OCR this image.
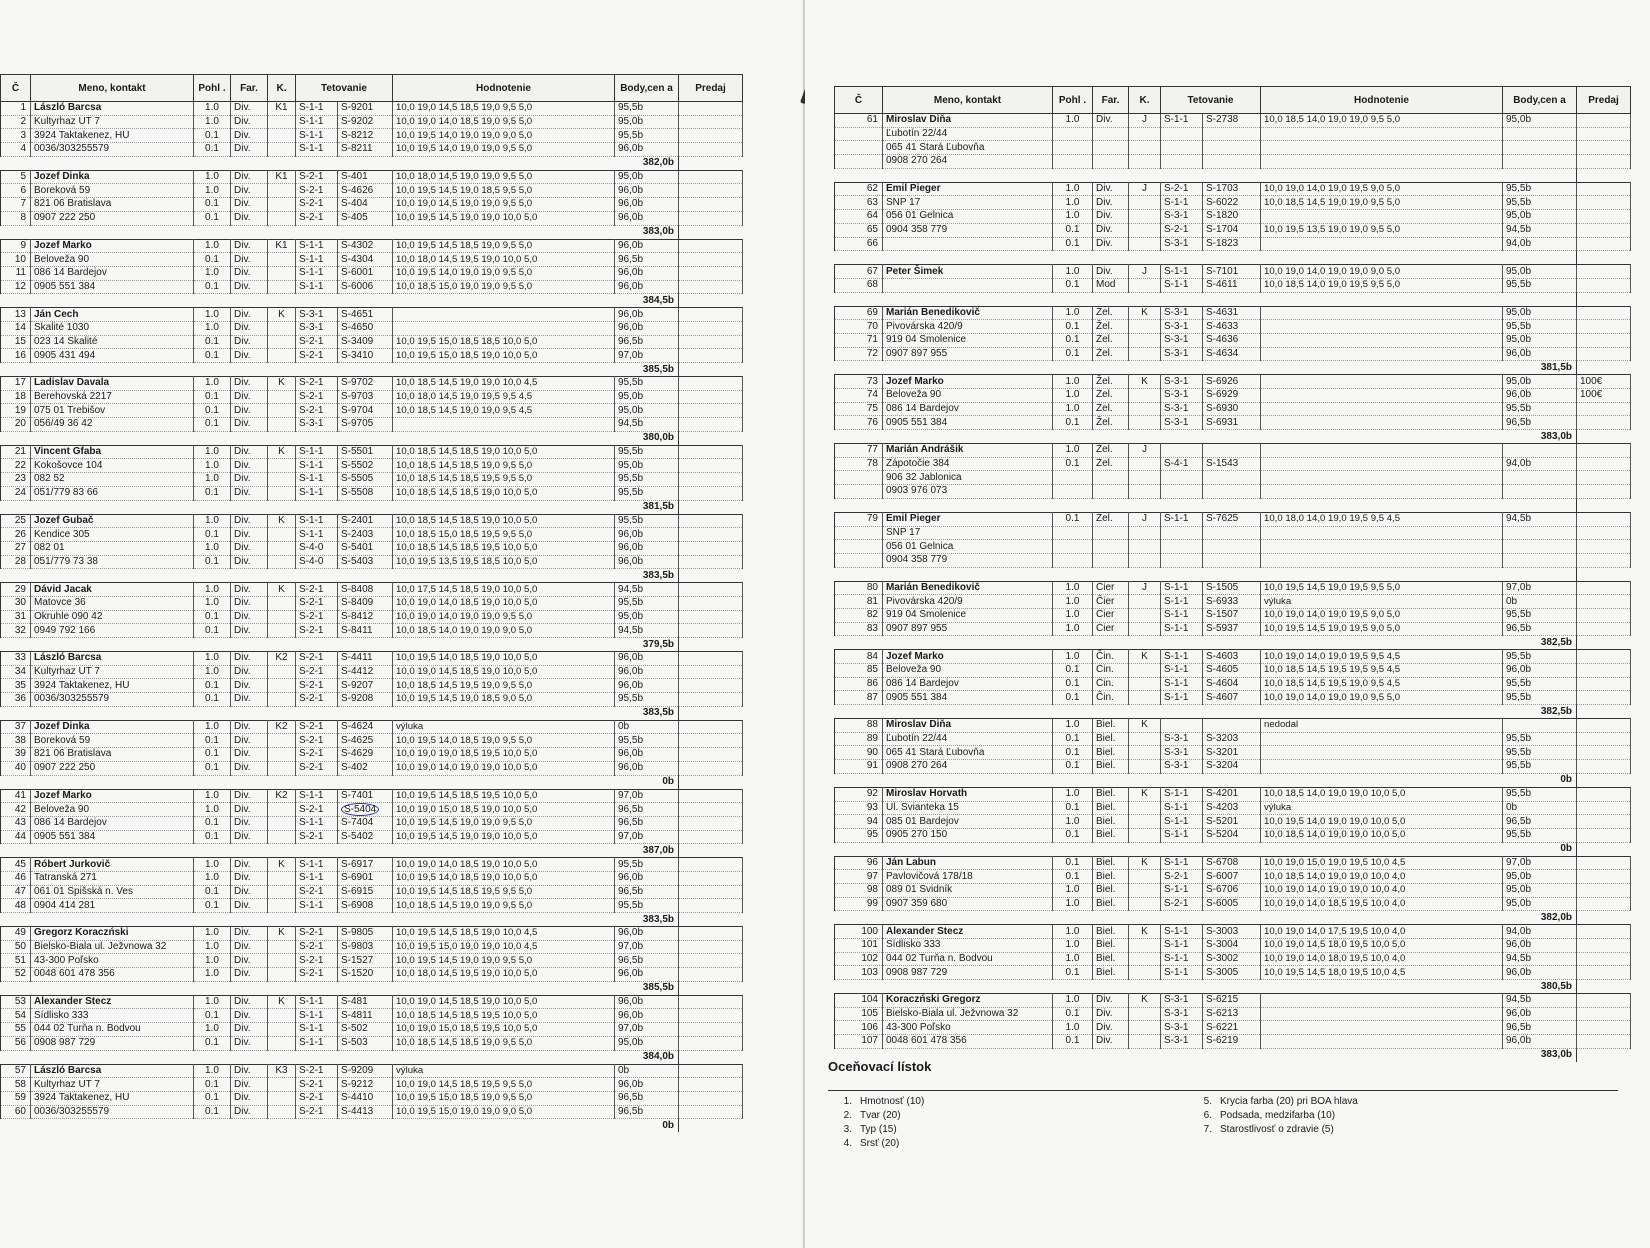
Č	Meno, kontakt	Pohl .	Far.	K.	Tetovanie		Hodnotenie	Body,cen a	Predaj
1	László Barcsa	1.0	Div.	K1	S-1-1	S-9201	10,0 19,0 14,5 18,5 19,0 9,5 5,0	95,5b	
2	Kultyrhaz UT 7	1.0	Div.		S-1-1	S-9202	10,0 19,0 14,0 18,5 19,0 9,5 5,0	95,0b	
3	3924 Taktakenez, HU	0.1	Div.		S-1-1	S-8212	10,0 19,5 14,0 19,0 19,0 9,0 5,0	95,5b	
4	0036/303255579	0.1	Div.		S-1-1	S-8211	10,0 19,5 14,0 19,0 19,0 9,5 5,0	96,0b	
								382,0b	
5	Jozef Dinka	1.0	Div.	K1	S-2-1	S-401	10,0 18,0 14,5 19,0 19,0 9,5 5,0	95,0b	
6	Boreková 59	1.0	Div.		S-2-1	S-4626	10,0 19,5 14,5 19,0 18,5 9,5 5,0	96,0b	
7	821 06 Bratislava	0.1	Div.		S-2-1	S-404	10,0 19,0 14,5 19,0 19,0 9,5 5,0	96,0b	
8	0907 222 250	0.1	Div.		S-2-1	S-405	10,0 19,5 14,5 19,0 19,0 10,0 5,0	96,0b	
								383,0b	
9	Jozef Marko	1.0	Div.	K1	S-1-1	S-4302	10,0 19,5 14,5 18,5 19,0 9,5 5,0	96,0b	
10	Beloveža 90	0.1	Div.		S-1-1	S-4304	10,0 18,0 14,5 19,5 19,0 10,0 5,0	96,5b	
11	086 14 Bardejov	1.0	Div.		S-1-1	S-6001	10,0 19,5 14,0 19,0 19,0 9,5 5,0	96,0b	
12	0905 551 384	0.1	Div.		S-1-1	S-6006	10,0 18,5 15,0 19,0 19,0 9,5 5,0	96,0b	
								384,5b	
13	Ján Cech	1.0	Div.	K	S-3-1	S-4651		96,0b	
14	Skalité 1030	1.0	Div.		S-3-1	S-4650		96,0b	
15	023 14 Skalité	0.1	Div.		S-2-1	S-3409	10,0 19,5 15,0 18,5 18,5 10,0 5,0	96,5b	
16	0905 431 494	0.1	Div.		S-2-1	S-3410	10,0 19,5 15,0 18,5 19,0 10,0 5,0	97,0b	
								385,5b	
17	Ladislav Davala	1.0	Div.	K	S-2-1	S-9702	10,0 18,5 14,5 19,0 19,0 10,0 4,5	95,5b	
18	Berehovská 2217	0.1	Div.		S-2-1	S-9703	10,0 18,0 14,5 19,0 19,5 9,5 4,5	95,0b	
19	075 01 Trebišov	0.1	Div.		S-2-1	S-9704	10,0 18,5 14,5 19,0 19,0 9,5 4,5	95,0b	
20	056/49 36 42	0.1	Div.		S-3-1	S-9705		94,5b	
								380,0b	
21	Vincent Gfaba	1.0	Div.	K	S-1-1	S-5501	10,0 18,5 14,5 18,5 19,0 10,0 5,0	95,5b	
22	Kokošovce 104	1.0	Div.		S-1-1	S-5502	10,0 18,5 14,5 18,5 19,0 9,5 5,0	95,0b	
23	082 52	1.0	Div.		S-1-1	S-5505	10,0 18,5 14,5 18,5 19,5 9,5 5,0	95,5b	
24	051/779 83 66	0.1	Div.		S-1-1	S-5508	10,0 18,5 14,5 18,5 19,0 10,0 5,0	95,5b	
								381,5b	
25	Jozef Gubač	1.0	Div.	K	S-1-1	S-2401	10,0 18,5 14,5 18,5 19,0 10,0 5,0	95,5b	
26	Kendice 305	0.1	Div.		S-1-1	S-2403	10,0 18,5 15,0 18,5 19,5 9,5 5,0	96,0b	
27	082 01	1.0	Div.		S-4-0	S-5401	10,0 18,5 14,5 18,5 19,5 10,0 5,0	96,0b	
28	051/779 73 38	0.1	Div.		S-4-0	S-5403	10,0 19,5 13,5 19,5 18,5 10,0 5,0	96,0b	
								383,5b	
29	Dávid Jacak	1.0	Div.	K	S-2-1	S-8408	10,0 17,5 14,5 18,5 19,0 10,0 5,0	94,5b	
30	Matovce 36	1.0	Div.		S-2-1	S-8409	10,0 19,0 14,0 18,5 19,0 10,0 5,0	95,5b	
31	Okruhle 090 42	0.1	Div.		S-2-1	S-8412	10,0 19,0 14,0 19,0 19,0 9,5 5,0	95,0b	
32	0949 792 166	0.1	Div.		S-2-1	S-8411	10,0 18,5 14,0 19,0 19,0 9,0 5,0	94,5b	
								379,5b	
33	László Barcsa	1.0	Div.	K2	S-2-1	S-4411	10,0 19,5 14,0 18,5 19,0 10,0 5,0	96,0b	
34	Kultyrhaz UT 7	1.0	Div.		S-2-1	S-4412	10,0 19,0 14,5 18,5 19,0 10,0 5,0	96,0b	
35	3924 Taktakenez, HU	0.1	Div.		S-2-1	S-9207	10,0 18,5 14,5 19,5 19,0 9,5 5,0	96,0b	
36	0036/303255579	0.1	Div.		S-2-1	S-9208	10,0 19,5 14,5 19,0 18,5 9,0 5,0	95,5b	
								383,5b	
37	Jozef Dinka	1.0	Div.	K2	S-2-1	S-4624	výluka	0b	
38	Boreková 59	0.1	Div.		S-2-1	S-4625	10,0 19,5 14,0 18,5 19,0 9,5 5,0	95,5b	
39	821 06 Bratislava	0.1	Div.		S-2-1	S-4629	10,0 19,0 19,0 18,5 19,5 10,0 5,0	96,0b	
40	0907 222 250	0.1	Div.		S-2-1	S-402	10,0 19,0 14,0 19,0 19,0 10,0 5,0	96,0b	
								0b	
41	Jozef Marko	1.0	Div.	K2	S-1-1	S-7401	10,0 19,5 14,5 18,5 19,5 10,0 5,0	97,0b	
42	Beloveža 90	1.0	Div.		S-2-1	S-5404	10,0 19,0 15,0 18,5 19,0 10,0 5,0	96,5b	
43	086 14 Bardejov	0.1	Div.		S-1-1	S-7404	10,0 19,5 14,5 19,0 19,0 9,5 5,0	96,5b	
44	0905 551 384	0.1	Div.		S-2-1	S-5402	10,0 19,5 14,5 19,0 19,0 10,0 5,0	97,0b	
								387,0b	
45	Róbert Jurkovič	1.0	Div.	K	S-1-1	S-6917	10,0 19,0 14,0 18,5 19,0 10,0 5,0	95,5b	
46	Tatranská 271	1.0	Div.		S-1-1	S-6901	10,0 19,5 14,0 18,5 19,0 10,0 5,0	96,0b	
47	061 01 Spišská n. Ves	0.1	Div.		S-2-1	S-6915	10,0 19,5 14,5 18,5 19,5 9,5 5,0	96,5b	
48	0904 414 281	0.1	Div.		S-1-1	S-6908	10,0 18,5 14,5 19,0 19,0 9,5 5,0	95,5b	
								383,5b	
49	Gregorz Koraczński	1.0	Div.	K	S-2-1	S-9805	10,0 19,5 14,5 18,5 19,0 10,0 4,5	96,0b	
50	Bielsko-Biala ul. Ježvnowa 32	1.0	Div.		S-2-1	S-9803	10,0 19,5 15,0 19,0 19,0 10,0 4,5	97,0b	
51	43-300 Poľsko	1.0	Div.		S-2-1	S-1527	10,0 19,5 14,5 19,0 19,0 9,5 5,0	96,5b	
52	0048 601 478 356	1.0	Div.		S-2-1	S-1520	10,0 18,0 14,5 19,5 19,0 10,0 5,0	96,0b	
								385,5b	
53	Alexander Stecz	1.0	Div.	K	S-1-1	S-481	10,0 19,0 14,5 18,5 19,0 10,0 5,0	96,0b	
54	Sídlisko 333	0.1	Div.		S-1-1	S-4811	10,0 18,5 14,5 18,5 19,5 10,0 5,0	96,0b	
55	044 02 Turňa n. Bodvou	1.0	Div.		S-1-1	S-502	10,0 19,0 15,0 18,5 19,5 10,0 5,0	97,0b	
56	0908 987 729	0.1	Div.		S-1-1	S-503	10,0 18,5 14,5 18,5 19,0 9,5 5,0	95,0b	
								384,0b	
57	László Barcsa	1.0	Div.	K3	S-2-1	S-9209	výluka	0b	
58	Kultyrhaz UT 7	0.1	Div.		S-2-1	S-9212	10,0 19,0 14,5 18,5 19,5 9,5 5,0	96,0b	
59	3924 Taktakenez, HU	0.1	Div.		S-2-1	S-4410	10,0 19,5 15,0 18,5 19,0 9,5 5,0	96,5b	
60	0036/303255579	0.1	Div.		S-2-1	S-4413	10,0 19,5 15,0 19,0 19,0 9,0 5,0	96,5b	
								0b	
Č	Meno, kontakt	Pohl .	Far.	K.	Tetovanie		Hodnotenie	Body,cen a	Predaj
61	Miroslav Diňa	1.0	Div.	J	S-1-1	S-2738	10,0 18,5 14,0 19,0 19,0 9,5 5,0	95,0b	
	Ľubotín 22/44								
	065 41 Stará Ľubovňa								
	0908 270 264								

62	Emil Pieger	1.0	Div.	J	S-2-1	S-1703	10,0 19,0 14,0 19,0 19,5 9,0 5,0	95,5b	
63	SNP 17	1.0	Div.		S-1-1	S-6022	10,0 18,5 14,5 19,0 19,0 9,5 5,0	95,5b	
64	056 01 Gelnica	1.0	Div.		S-3-1	S-1820		95,0b	
65	0904 358 779	0.1	Div.		S-2-1	S-1704	10,0 19,5 13,5 19,0 19,0 9,5 5,0	94,5b	
66		0.1	Div.		S-3-1	S-1823		94,0b	

67	Peter Šimek	1.0	Div.	J	S-1-1	S-7101	10,0 19,0 14,0 19,0 19,0 9,0 5,0	95,0b	
68		0.1	Mod		S-1-1	S-4611	10,0 18,5 14,0 19,0 19,5 9,5 5,0	95,5b	

69	Marián Benedikovič	1.0	Žel.	K	S-3-1	S-4631		95,0b	
70	Pivovárska 420/9	0.1	Žel.		S-3-1	S-4633		95,5b	
71	919 04 Smolenice	0.1	Žel.		S-3-1	S-4636		95,0b	
72	0907 897 955	0.1	Žel.		S-3-1	S-4634		96,0b	
								381,5b	
73	Jozef Marko	1.0	Žel.	K	S-3-1	S-6926		95,0b	100€
74	Beloveža 90	1.0	Žel.		S-3-1	S-6929		96,0b	100€
75	086 14 Bardejov	1.0	Žel.		S-3-1	S-6930		95,5b	
76	0905 551 384	0.1	Žel.		S-3-1	S-6931		96,5b	
								383,0b	
77	Marián Andrášik	1.0	Žel.	J					
78	Zápotočie 384	0.1	Žel.		S-4-1	S-1543		94,0b	
	906 32 Jablonica								
	0903 976 073								

79	Emil Pieger	0.1	Žel.	J	S-1-1	S-7625	10,0 18,0 14,0 19,0 19,5 9,5 4,5	94,5b	
	SNP 17								
	056 01 Gelnica								
	0904 358 779								

80	Marián Benedikovič	1.0	Čier	J	S-1-1	S-1505	10,0 19,5 14,5 19,0 19,5 9,5 5,0	97,0b	
81	Pivovárska 420/9	1.0	Čier		S-1-1	S-6933	výluka	0b	
82	919 04 Smolenice	1.0	Čier		S-1-1	S-1507	10,0 19,0 14,0 19,0 19,5 9,0 5,0	95,5b	
83	0907 897 955	1.0	Čier		S-1-1	S-5937	10,0 19,5 14,5 19,0 19,5 9,0 5,0	96,5b	
								382,5b	
84	Jozef Marko	1.0	Čin.	K	S-1-1	S-4603	10,0 19,0 14,0 19,0 19,5 9,5 4,5	95,5b	
85	Beloveža 90	0.1	Čin.		S-1-1	S-4605	10,0 18,5 14,5 19,5 19,5 9,5 4,5	96,0b	
86	086 14 Bardejov	0.1	Čin.		S-1-1	S-4604	10,0 18,5 14,5 19,5 19,0 9,5 4,5	95,5b	
87	0905 551 384	0.1	Čin.		S-1-1	S-4607	10,0 19,0 14,0 19,0 19,0 9,5 5,0	95,5b	
								382,5b	
88	Miroslav Diňa	1.0	Biel.	K			nedodal		
89	Ľubotín 22/44	0.1	Biel.		S-3-1	S-3203		95,5b	
90	065 41 Stará Ľubovňa	0.1	Biel.		S-3-1	S-3201		95,5b	
91	0908 270 264	0.1	Biel.		S-3-1	S-3204		95,5b	
								0b	
92	Miroslav Horvath	1.0	Biel.	K	S-1-1	S-4201	10,0 18,5 14,0 19,0 19,0 10,0 5,0	95,5b	
93	Ul. Svianteka 15	0.1	Biel.		S-1-1	S-4203	výluka	0b	
94	085 01 Bardejov	1.0	Biel.		S-1-1	S-5201	10,0 19,5 14,0 19,0 19,0 10,0 5,0	96,5b	
95	0905 270 150	0.1	Biel.		S-1-1	S-5204	10,0 18,5 14,0 19,0 19,0 10,0 5,0	95,5b	
								0b	
96	Ján Labun	0.1	Biel.	K	S-1-1	S-6708	10,0 19,0 15,0 19,0 19,5 10,0 4,5	97,0b	
97	Pavlovičová 178/18	0.1	Biel.		S-2-1	S-6007	10,0 18,5 14,0 19,0 19,0 10,0 4,0	95,0b	
98	089 01 Svidník	1.0	Biel.		S-1-1	S-6706	10,0 19,0 14,0 19,0 19,0 10,0 4,0	95,0b	
99	0907 359 680	1.0	Biel.		S-2-1	S-6005	10,0 19,0 14,0 18,5 19,5 10,0 4,0	95,0b	
								382,0b	
100	Alexander Stecz	1.0	Biel.	K	S-1-1	S-3003	10,0 19,0 14,0 17,5 19,5 10,0 4,0	94,0b	
101	Sídlisko 333	1.0	Biel.		S-1-1	S-3004	10,0 19,0 14,5 18,0 19,5 10,0 5,0	96,0b	
102	044 02 Turňa n. Bodvou	1.0	Biel.		S-1-1	S-3002	10,0 19,0 14,0 18,0 19,5 10,0 4,0	94,5b	
103	0908 987 729	0.1	Biel.		S-1-1	S-3005	10,0 19,5 14,5 18,0 19,5 10,0 4,5	96,0b	
								380,5b	
104	Koraczński Gregorz	1.0	Div.	K	S-3-1	S-6215		94,5b	
105	Bielsko-Biala ul. Ježvnowa 32	0.1	Div.		S-3-1	S-6213		96,0b	
106	43-300 Poľsko	1.0	Div.		S-3-1	S-6221		96,5b	
107	0048 601 478 356	0.1	Div.		S-3-1	S-6219		96,0b	
								383,0b	
Oceňovací lístok
1. Hmotnosť (10)
2. Tvar (20)
3. Typ (15)
4. Srsť (20)
5. Krycia farba (20) pri BOA hlava
6. Podsada, medzifarba (10)
7. Starostlivosť o zdravie (5)
